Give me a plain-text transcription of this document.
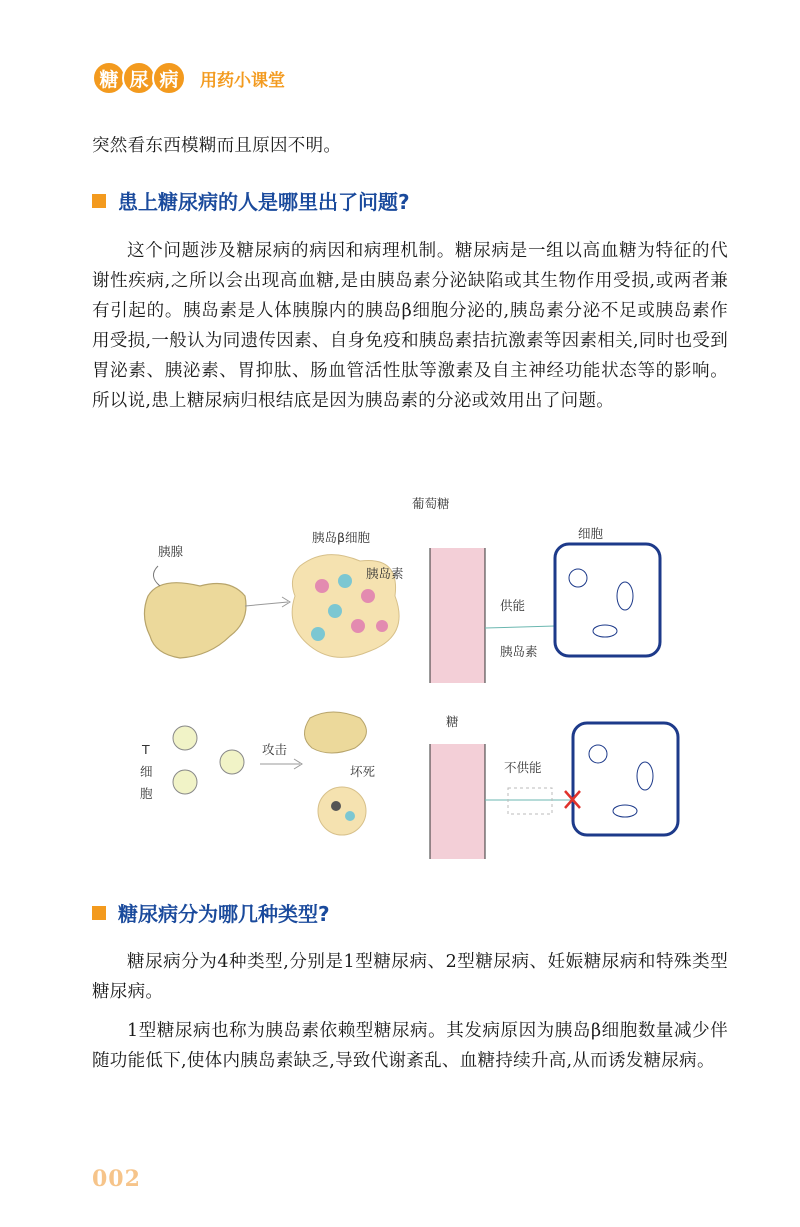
糖 尿 病	用药小课堂

突然看东西模糊而且原因不明。

患上糖尿病的人是哪里出了问题?

这个问题涉及糖尿病的病因和病理机制。糖尿病是一组以高血糖为特征的代谢性疾病,之所以会出现高血糖,是由胰岛素分泌缺陷或其生物作用受损,或两者兼有引起的。胰岛素是人体胰腺内的胰岛β细胞分泌的,胰岛素分泌不足或胰岛素作用受损,一般认为同遗传因素、自身免疫和胰岛素拮抗激素等因素相关,同时也受到胃泌素、胰泌素、胃抑肽、肠血管活性肽等激素及自主神经功能状态等的影响。所以说,患上糖尿病归根结底是因为胰岛素的分泌或效用出了问题。

胰腺
胰岛β细胞
胰岛素
葡萄糖
供能
胰岛素
细胞
T
细
胞
攻击
坏死
糖
不供能
糖尿病分为哪几种类型?

糖尿病分为4种类型,分别是1型糖尿病、2型糖尿病、妊娠糖尿病和特殊类型糖尿病。

1型糖尿病也称为胰岛素依赖型糖尿病。其发病原因为胰岛β细胞数量减少伴随功能低下,使体内胰岛素缺乏,导致代谢紊乱、血糖持续升高,从而诱发糖尿病。

002
